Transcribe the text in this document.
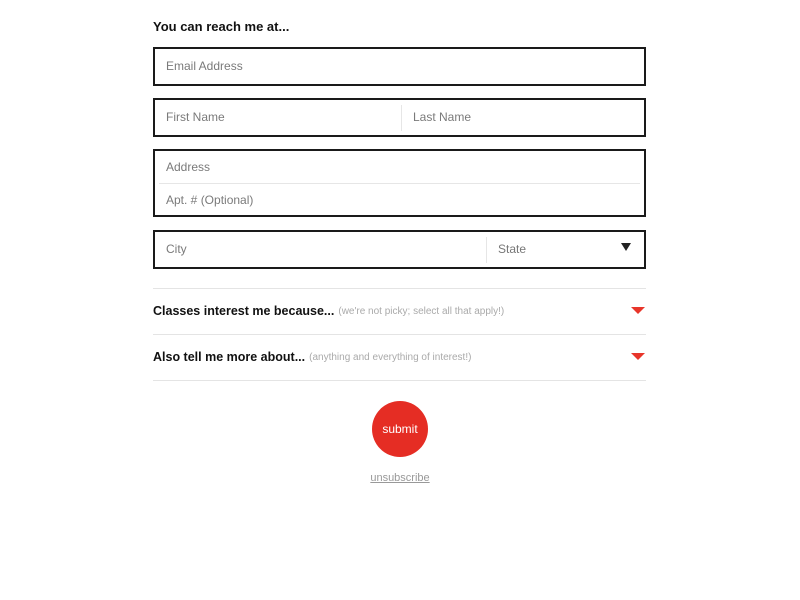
You can reach me at...
Email Address
First Name
Last Name
Address
Apt. # (Optional)
City
State
Classes interest me because... (we're not picky; select all that apply!)
Also tell me more about... (anything and everything of interest!)
submit
unsubscribe
